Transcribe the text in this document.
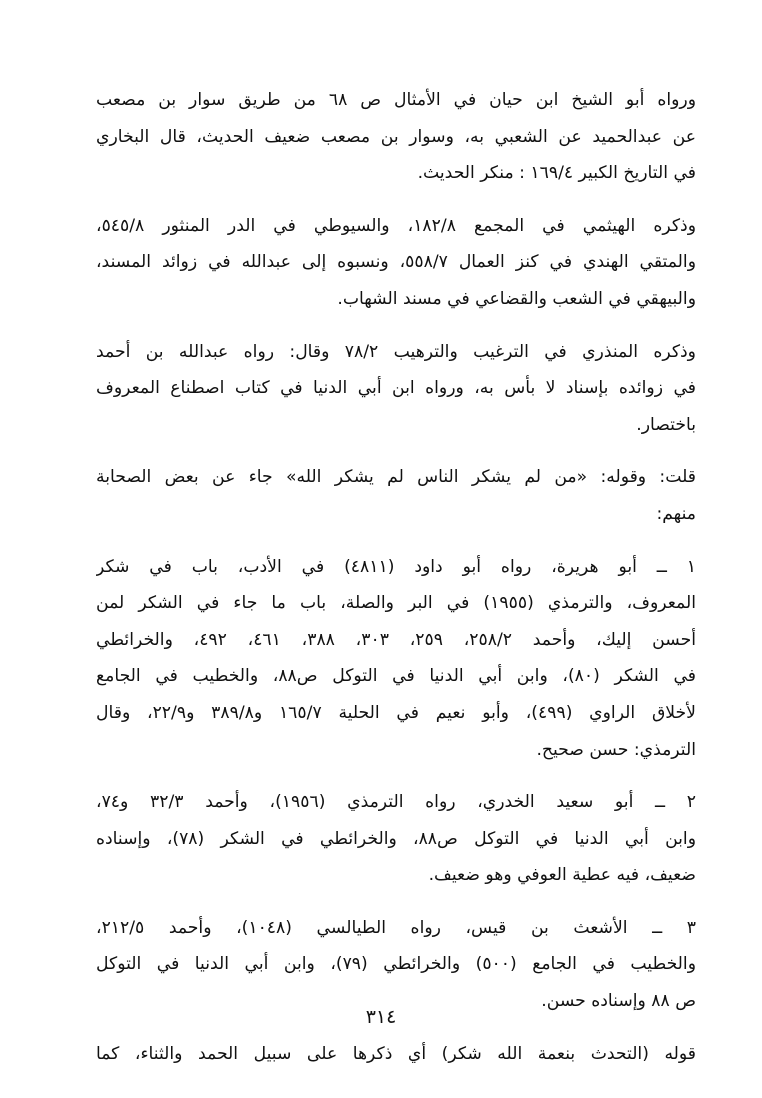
ورواه أبو الشيخ ابن حيان في الأمثال ص ٦٨ من طريق سوار بن مصعب
عن عبدالحميد عن الشعبي به، وسوار بن مصعب ضعيف الحديث، قال البخاري
في التاريخ الكبير ١٦٩/٤ : منكر الحديث.
وذكره الهيثمي في المجمع ١٨٢/٨، والسيوطي في الدر المنثور ٥٤٥/٨،
والمتقي الهندي في كنز العمال ٥٥٨/٧، ونسبوه إلى عبدالله في زوائد المسند،
والبيهقي في الشعب والقضاعي في مسند الشهاب.
وذكره المنذري في الترغيب والترهيب ٧٨/٢ وقال: رواه عبدالله بن أحمد
في زوائده بإسناد لا بأس به، ورواه ابن أبي الدنيا في كتاب اصطناع المعروف
باختصار.
قلت: وقوله: «من لم يشكر الناس لم يشكر الله» جاء عن بعض الصحابة
منهم:
١ ــ أبو هريرة، رواه أبو داود (٤٨١١) في الأدب، باب في شكر
المعروف، والترمذي (١٩٥٥) في البر والصلة، باب ما جاء في الشكر لمن
أحسن إليك، وأحمد ٢٥٨/٢، ٢٥٩، ٣٠٣، ٣٨٨، ٤٦١، ٤٩٢، والخرائطي
في الشكر (٨٠)، وابن أبي الدنيا في التوكل ص٨٨، والخطيب في الجامع
لأخلاق الراوي (٤٩٩)، وأبو نعيم في الحلية ١٦٥/٧ و٣٨٩/٨ و٢٢/٩، وقال
الترمذي: حسن صحيح.
٢ ــ أبو سعيد الخدري، رواه الترمذي (١٩٥٦)، وأحمد ٣٢/٣ و٧٤،
وابن أبي الدنيا في التوكل ص٨٨، والخرائطي في الشكر (٧٨)، وإسناده
ضعيف، فيه عطية العوفي وهو ضعيف.
٣ ــ الأشعث بن قيس، رواه الطيالسي (١٠٤٨)، وأحمد ٢١٢/٥،
والخطيب في الجامع (٥٠٠) والخرائطي (٧٩)، وابن أبي الدنيا في التوكل
ص ٨٨ وإسناده حسن.
قوله (التحدث بنعمة الله شكر) أي ذكرها على سبيل الحمد والثناء، كما
٣١٤
